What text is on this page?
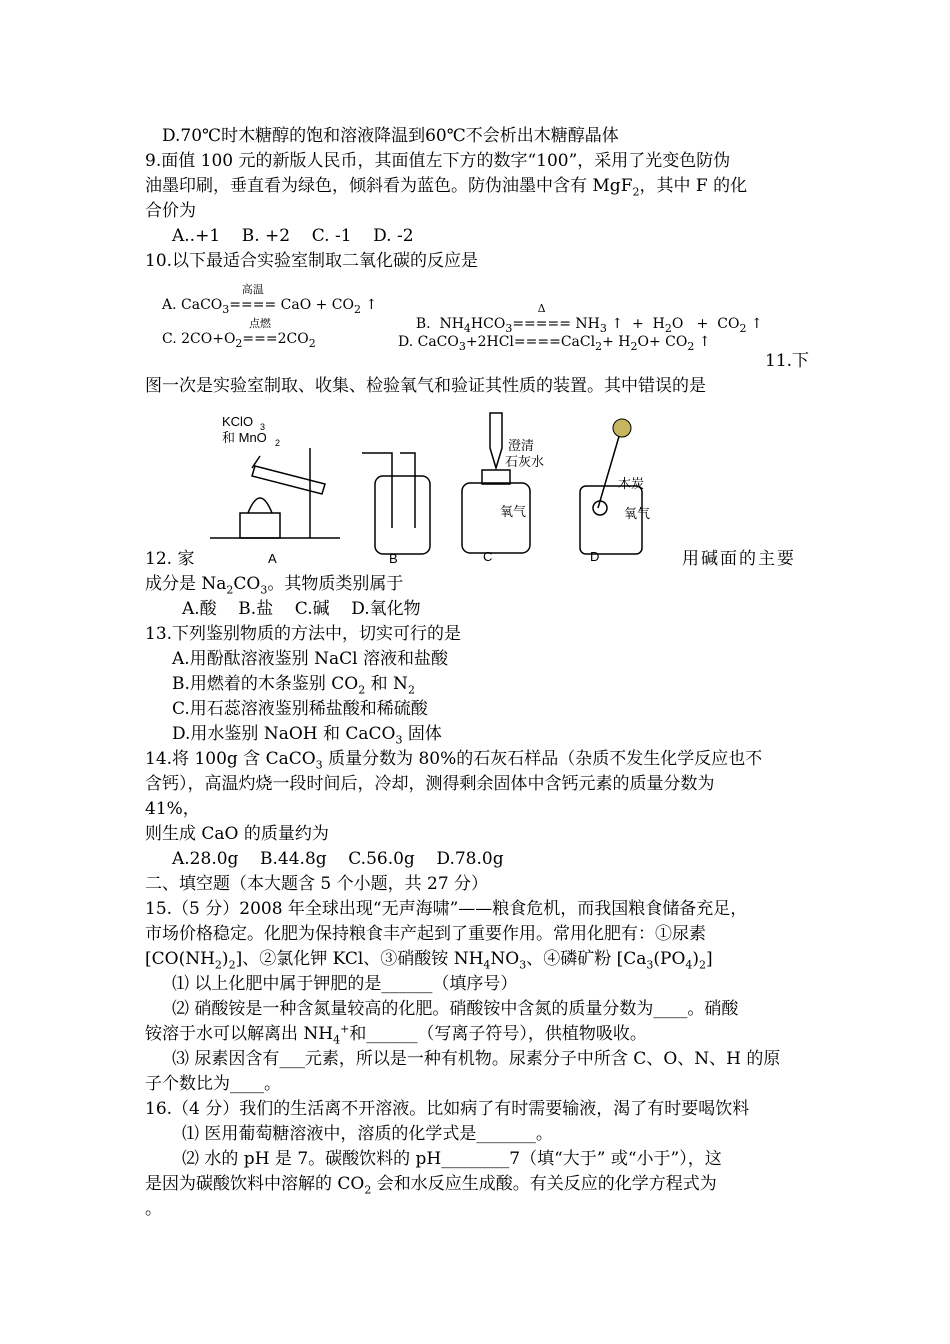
D.70℃时木糖醇的饱和溶液降温到60℃不会析出木糖醇晶体
9.面值 100 元的新版人民币，其面值左下方的数字“100”，采用了光变色防伪
油墨印刷，垂直看为绿色，倾斜看为蓝色。防伪油墨中含有 MgF$_2$，其中 F 的化
合价为
A..+1    B. +2    C. -1    D. -2
10.以下最适合实验室制取二氧化碳的反应是
A. CaCO$_3$
高温
==== CaO + $CO_2$ ↑

B.  $NH_4HCO_3$
Δ
===== $NH_3$ ↑  +  $H_2O + CO_2$ ↑

C. $2CO+O_2$
点燃
$===2CO_2$	D. CaCO$_3$+2HCl====CaCl$_2$+ $H_2O+ CO_2$ ↑
11.下
图一次是实验室制取、收集、检验氧气和验证其性质的装置。其中错误的是
KClO 3
和 MnO 2	澄清
石灰水
氧气
木炭
氧气
12. 家	A	B	C	D	用碱面的主要
成分是 $Na_2CO_3$。其物质类别属于
A.酸    B.盐    C.碱    D.氧化物
13.下列鉴别物质的方法中，切实可行的是
A.用酚酞溶液鉴别 NaCl 溶液和盐酸
B.用燃着的木条鉴别 $CO_2$ 和 $N_2$
C.用石蕊溶液鉴别稀盐酸和稀硫酸
D.用水鉴别 NaOH 和 CaCO$_3$ 固体
14.将 100g 含 CaCO$_3$ 质量分数为 80%的石灰石样品（杂质不发生化学反应也不
含钙），高温灼烧一段时间后，冷却，测得剩余固体中含钙元素的质量分数为
41%，
则生成 CaO 的质量约为
A.28.0g    B.44.8g    C.56.0g    D.78.0g
二、填空题（本大题含 5 个小题，共 27 分）
15.（5 分）2008 年全球出现“无声海啸”——粮食危机，而我国粮食储备充足，
市场价格稳定。化肥为保持粮食丰产起到了重要作用。常用化肥有：①尿素
$[CO(NH_2)_2]$、②氯化钾 KCl、③硝酸铵 $NH_4NO_3$、④磷矿粉 $[Ca_3(PO_4)_2]$
⑴ 以上化肥中属于钾肥的是______（填序号）
⑵ 硝酸铵是一种含氮量较高的化肥。硝酸铵中含氮的质量分数为____。硝酸
铵溶于水可以解离出 $NH_4^+$和______（写离子符号），供植物吸收。
⑶ 尿素因含有___元素，所以是一种有机物。尿素分子中所含 C、O、N、H 的原
子个数比为____。
16.（4 分）我们的生活离不开溶液。比如病了有时需要输液，渴了有时要喝饮料
⑴ 医用葡萄糖溶液中，溶质的化学式是_______。
⑵ 水的 pH 是 7。碳酸饮料的 pH________7（填“大于” 或“小于”），这
是因为碳酸饮料中溶解的 $CO_2$ 会和水反应生成酸。有关反应的化学方程式为
。
